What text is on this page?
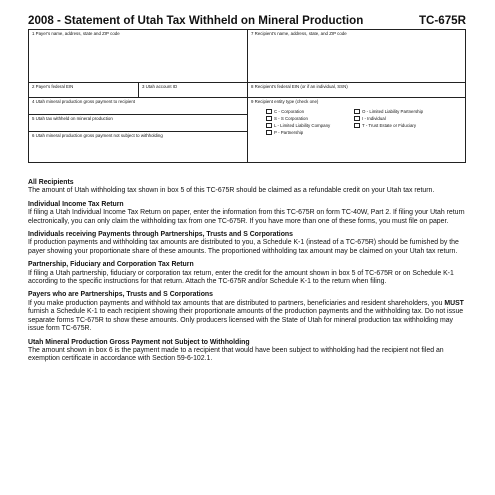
2008 - Statement of Utah Tax Withheld on Mineral Production	TC-675R
1 Payer's name, address, state and ZIP code
2 Payer's federal EIN	3 Utah account ID
4 Utah mineral production gross payment to recipient
5 Utah tax withheld on mineral production
6 Utah mineral production gross payment not subject to withholding
7 Recipient's name, address, state, and ZIP code
8 Recipient's federal EIN (or if an individual, SSN)
9 Recipient entity type (check one)
C - Corporation
S - S Corporation
L - Limited Liability Company
P - Partnership
O - Limited Liability Partnership
I - Individual
T - Trust Estate or Fiduciary
All Recipients

The amount of Utah withholding tax shown in box 5 of this TC-675R should be claimed as a refundable credit on your Utah tax return.

Individual Income Tax Return

If filing a Utah Individual Income Tax Return on paper, enter the information from this TC-675R on form TC-40W, Part 2. If filing your Utah return electronically, you can only claim the withholding tax from one TC-675R. If you have more than one of these forms, you must file on paper.

Individuals receiving Payments through Partnerships, Trusts and S Corporations

If production payments and withholding tax amounts are distributed to you, a Schedule K-1 (instead of a TC-675R) should be furnished by the payer showing your proportionate share of these amounts. The proportioned withholding tax amount may be claimed on your Utah tax return.

Partnership, Fiduciary and Corporation Tax Return

If filing a Utah partnership, fiduciary or corporation tax return, enter the credit for the amount shown in box 5 of TC-675R or on Schedule K-1 according to the specific instructions for that return. Attach the TC-675R and/or Schedule K-1 to the return when filing.

Payers who are Partnerships, Trusts and S Corporations

If you make production payments and withhold tax amounts that are distributed to partners, beneficiaries and resident shareholders, you MUST furnish a Schedule K-1 to each recipient showing their proportionate amounts of the production payments and the withholding tax. Do not issue separate forms TC-675R to show these amounts. Only producers licensed with the State of Utah for mineral production tax withholding may issue form TC-675R.

Utah Mineral Production Gross Payment not Subject to Withholding

The amount shown in box 6 is the payment made to a recipient that would have been subject to withholding had the recipient not filed an exemption certificate in accordance with Section 59-6-102.1.
